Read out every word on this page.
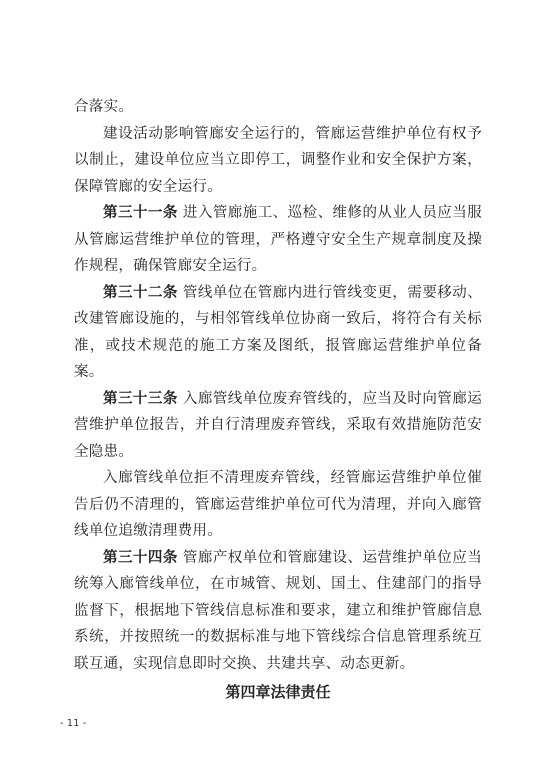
合落实。

建设活动影响管廊安全运行的，管廊运营维护单位有权予以制止，建设单位应当立即停工，调整作业和安全保护方案，保障管廊的安全运行。

第三十一条 进入管廊施工、巡检、维修的从业人员应当服从管廊运营维护单位的管理，严格遵守安全生产规章制度及操作规程，确保管廊安全运行。

第三十二条 管线单位在管廊内进行管线变更，需要移动、改建管廊设施的，与相邻管线单位协商一致后，将符合有关标准，或技术规范的施工方案及图纸，报管廊运营维护单位备案。

第三十三条 入廊管线单位废弃管线的，应当及时向管廊运营维护单位报告，并自行清理废弃管线，采取有效措施防范安全隐患。

入廊管线单位拒不清理废弃管线，经管廊运营维护单位催告后仍不清理的，管廊运营维护单位可代为清理，并向入廊管线单位追缴清理费用。

第三十四条 管廊产权单位和管廊建设、运营维护单位应当统筹入廊管线单位，在市城管、规划、国土、住建部门的指导监督下，根据地下管线信息标准和要求，建立和维护管廊信息系统，并按照统一的数据标准与地下管线综合信息管理系统互联互通，实现信息即时交换、共建共享、动态更新。

第四章法律责任

- 11 -
